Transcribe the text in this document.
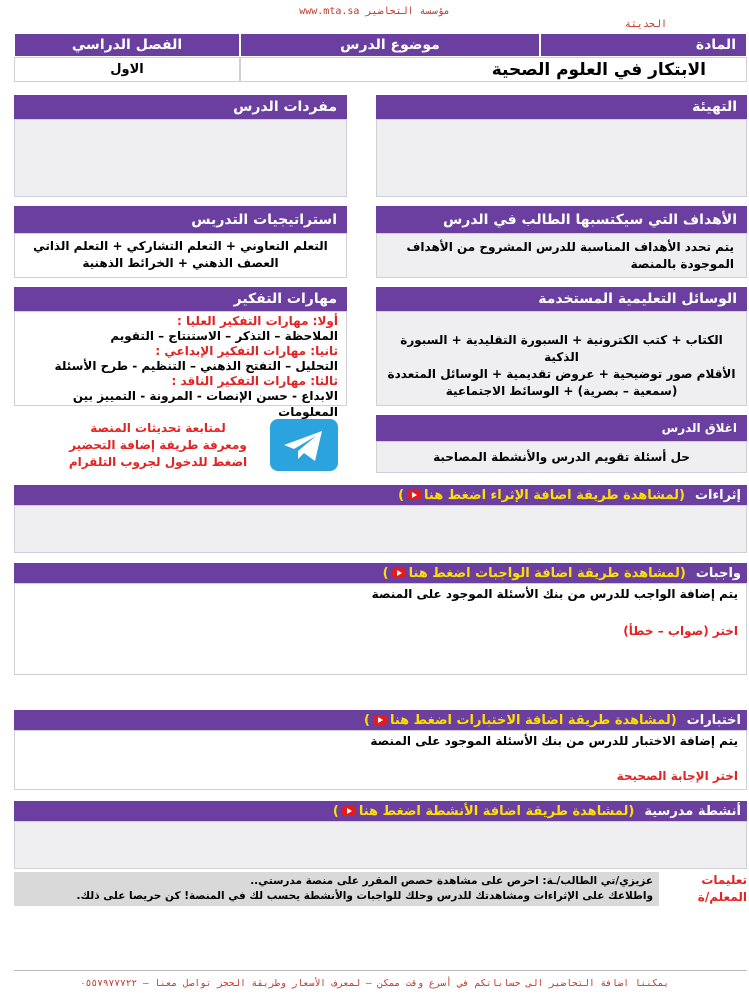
مؤسسة التحاضير www.mta.sa
الحديثة
المادة
موضوع الدرس
الفصل الدراسي
الابتكار في العلوم الصحية
الاول
التهيئة
مفردات الدرس
الأهداف التي سيكتسبها الطالب في الدرس
يتم تحدد الأهداف المناسبة للدرس المشروح من الأهداف الموجودة بالمنصة
استراتيجيات التدريس
التعلم التعاوني + التعلم التشاركي + التعلم الذاتي
العصف الذهني + الخرائط الذهنية
الوسائل التعليمية المستخدمة
الكتاب + كتب الكترونية + السبورة التقليدية + السبورة الذكية
الأقلام صور توضيحية + عروض تقديمية + الوسائل المتعددة
(سمعية – بصرية) + الوسائط الاجتماعية
مهارات التفكير
أولا: مهارات التفكير العليا :
الملاحظة – التذكر – الاستنتاج – التقويم
ثانيا: مهارات التفكير الإبداعي :
التحليل – التفتح الذهني – التنظيم - طرح الأسئلة
ثالثا: مهارات التفكير الناقد :
الابداع - حسن الإنصات - المرونة - التمييز بين المعلومات
اغلاق الدرس
حل أسئلة تقويم الدرس والأنشطة المصاحبة
لمتابعة تحديثات المنصة
ومعرفة طريقة إضافة التحضير
اضغط للدخول لجروب التلقرام
إثراءات
(لمشاهدة طريقة اضافة الإثراء اضغط هنا)
واجبات
(لمشاهدة طريقة اضافة الواجبات اضغط هنا)
يتم إضافة الواجب للدرس من بنك الأسئلة الموجود على المنصة
اختر (صواب – خطأ)
اختبارات
(لمشاهدة طريقة اضافة الاختبارات اضغط هنا)
يتم إضافة الاختبار للدرس من بنك الأسئلة الموجود على المنصة
اختر الإجابة الصحيحة
أنشطة مدرسية
(لمشاهدة طريقة اضافة الأنشطة اضغط هنا)
تعليمات المعلم/ة
عزيزي/تي الطالب/ـة: احرص على مشاهدة حصص المقرر على منصة مدرستي..
واطلاعك على الإثراءات ومشاهدتك للدرس وحلك للواجبات والأنشطة يحسب لك في المنصة! كن حريصا على ذلك.
يمكننا اضافة التحاضير الى حساباتكم في أسرع وقت ممكن – لمعرف الأسعار وطريقة الحجز تواصل معنا – ٠٥٥٧٩٧٧٧٢٢
